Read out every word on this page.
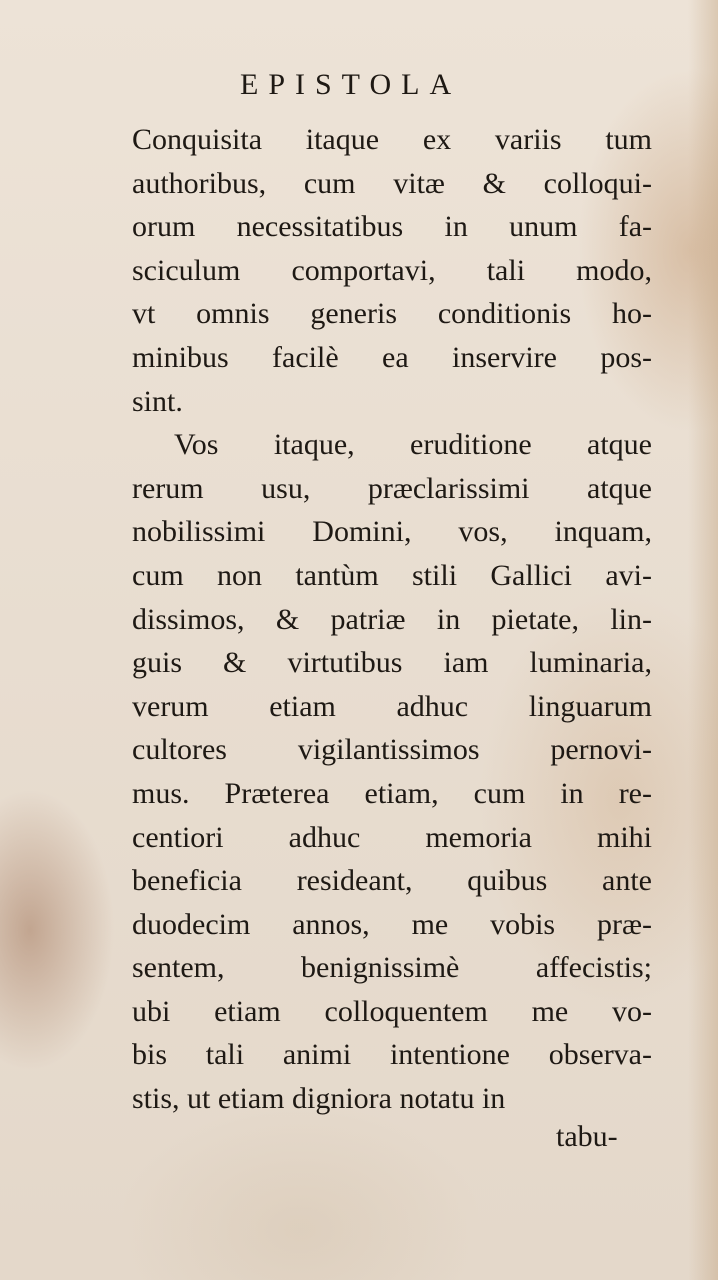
EPISTOLA
Conquisita itaque ex variis tum
authoribus, cum vitæ & colloqui-
orum necessitatibus in unum fa-
sciculum comportavi, tali modo,
vt omnis generis conditionis ho-
minibus facilè ea inservire pos-
sint.
Vos itaque, eruditione atque
rerum usu, præclarissimi atque
nobilissimi Domini, vos, inquam,
cum non tantùm stili Gallici avi-
dissimos, & patriæ in pietate, lin-
guis & virtutibus iam luminaria,
verum etiam adhuc linguarum
cultores vigilantissimos pernovi-
mus. Præterea etiam, cum in re-
centiori adhuc memoria mihi
beneficia resideant, quibus ante
duodecim annos, me vobis præ-
sentem, benignissimè affecistis;
ubi etiam colloquentem me vo-
bis tali animi intentione observa-
stis, ut etiam digniora notatu in
tabu-
